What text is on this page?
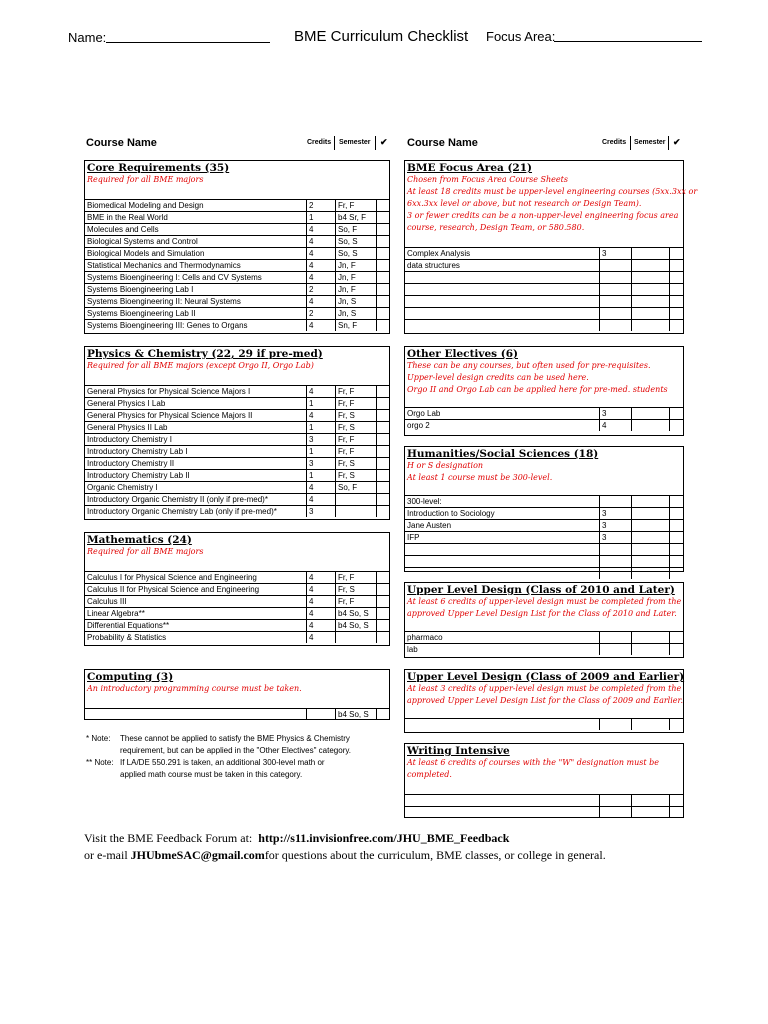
Name:	BME Curriculum Checklist Focus Area:
Course Name	Credits Semester ✔ Course Name	Credits Semester ✔
Core Requirements (35)
Required for all BME majors
Biomedical Modeling and Design	2	Fr, F
BME in the Real World	1	b4 Sr, F
Molecules and Cells	4	So, F
Biological Systems and Control	4	So, S
Biological Models and Simulation	4	So, S
Statistical Mechanics and Thermodynamics	4	Jn, F
Systems Bioengineering I: Cells and CV Systems	4	Jn, F
Systems Bioengineering Lab I	2	Jn, F
Systems Bioengineering II: Neural Systems	4	Jn, S
Systems Bioengineering Lab II	2	Jn, S
Systems Bioengineering III: Genes to Organs	4	Sn, F
Physics & Chemistry (22, 29 if pre-med)
Required for all BME majors (except Orgo II, Orgo Lab)
General Physics for Physical Science Majors I	4	Fr, F
General Physics I Lab	1	Fr, F
General Physics for Physical Science Majors II	4	Fr, S
General Physics II Lab	1	Fr, S
Introductory Chemistry I	3	Fr, F
Introductory Chemistry Lab I	1	Fr, F
Introductory Chemistry II	3	Fr, S
Introductory Chemistry Lab II	1	Fr, S
Organic Chemistry I	4	So, F
Introductory Organic Chemistry II (only if pre-med)*	4
Introductory Organic Chemistry Lab (only if pre-med)*	3
Mathematics (24)
Required for all BME majors
Calculus I for Physical Science and Engineering	4	Fr, F
Calculus II for Physical Science and Engineering	4	Fr, S
Calculus III	4	Fr, F
Linear Algebra**	4	b4 So, S
Differential Equations**	4	b4 So, S
Probability & Statistics	4
Computing (3)
An introductory programming course must be taken.
b4 So, S
BME Focus Area (21)
Chosen from Focus Area Course Sheets
At least 18 credits must be upper-level engineering courses (5xx.3xx or
6xx.3xx level or above, but not research or Design Team).
3 or fewer credits can be a non-upper-level engineering focus area
course, research, Design Team, or 580.580.
Complex Analysis	3
data structures
Other Electives (6)
These can be any courses, but often used for pre-requisites.
Upper-level design credits can be used here.
Orgo II and Orgo Lab can be applied here for pre-med. students
Orgo Lab	3
orgo 2	4
Humanities/Social Sciences (18)
H or S designation
At least 1 course must be 300-level.
300-level:
Introduction to Sociology	3
Jane Austen	3
IFP	3
Upper Level Design (Class of 2010 and Later)
At least 6 credits of upper-level design must be completed from the
approved Upper Level Design List for the Class of 2010 and Later.
pharmaco
lab
Upper Level Design (Class of 2009 and Earlier)
At least 3 credits of upper-level design must be completed from the
approved Upper Level Design List for the Class of 2009 and Earlier.
Writing Intensive
At least 6 credits of courses with the "W" designation must be
completed.
* Note: These cannot be applied to satisfy the BME Physics & Chemistry
requirement, but can be applied in the "Other Electives" category.
** Note: If LA/DE 550.291 is taken, an additional 300-level math or
applied math course must be taken in this category.
Visit the BME Feedback Forum at: http://s11.invisionfree.com/JHU_BME_Feedback
or e-mail JHUbmeSAC@gmail.comfor questions about the curriculum, BME classes, or college in general.
